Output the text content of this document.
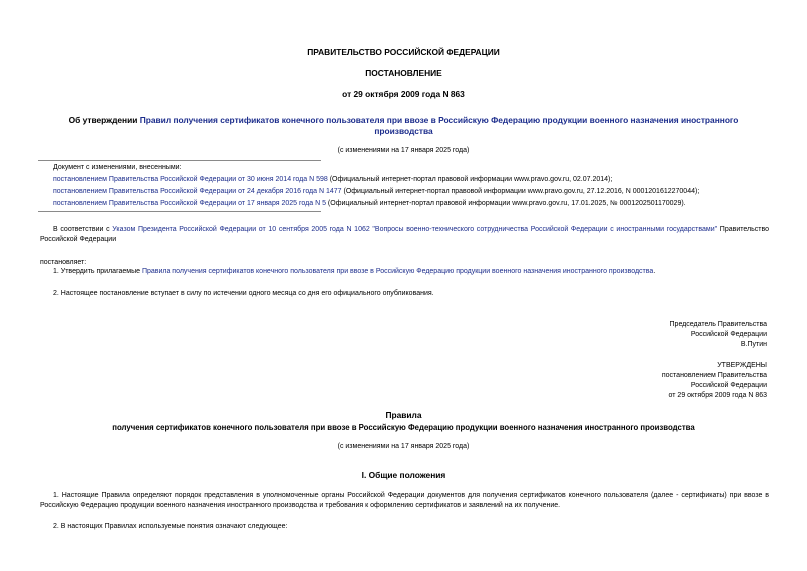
ПРАВИТЕЛЬСТВО РОССИЙСКОЙ ФЕДЕРАЦИИ
ПОСТАНОВЛЕНИЕ
от 29 октября 2009 года N 863
Об утверждении Правил получения сертификатов конечного пользователя при ввозе в Российскую Федерацию продукции военного назначения иностранного
производства
(с изменениями на 17 января 2025 года)
Документ с изменениями, внесенными:
постановлением Правительства Российской Федерации от 30 июня 2014 года N 598 (Официальный интернет-портал правовой информации www.pravo.gov.ru, 02.07.2014);
постановлением Правительства Российской Федерации от 24 декабря 2016 года N 1477 (Официальный интернет-портал правовой информации www.pravo.gov.ru, 27.12.2016, N 0001201612270044);
постановлением Правительства Российской Федерации от 17 января 2025 года N 5 (Официальный интернет-портал правовой информации www.pravo.gov.ru, 17.01.2025, № 0001202501170029).
В соответствии с Указом Президента Российской Федерации от 10 сентября 2005 года N 1062 "Вопросы военно-технического сотрудничества Российской Федерации с иностранными государствами" Правительство Российской Федерации
постановляет:
1. Утвердить прилагаемые Правила получения сертификатов конечного пользователя при ввозе в Российскую Федерацию продукции военного назначения иностранного производства.
2. Настоящее постановление вступает в силу по истечении одного месяца со дня его официального опубликования.
Председатель Правительства
Российской Федерации
В.Путин
УТВЕРЖДЕНЫ
постановлением Правительства
Российской Федерации
от 29 октября 2009 года N 863
Правила
получения сертификатов конечного пользователя при ввозе в Российскую Федерацию продукции военного назначения иностранного производства
(с изменениями на 17 января 2025 года)
I. Общие положения
1. Настоящие Правила определяют порядок представления в уполномоченные органы Российской Федерации документов для получения сертификатов конечного пользователя (далее - сертификаты) при ввозе в Российскую Федерацию продукции военного назначения иностранного производства и требования к оформлению сертификатов и заявлений на их получение.
2. В настоящих Правилах используемые понятия означают следующее:
